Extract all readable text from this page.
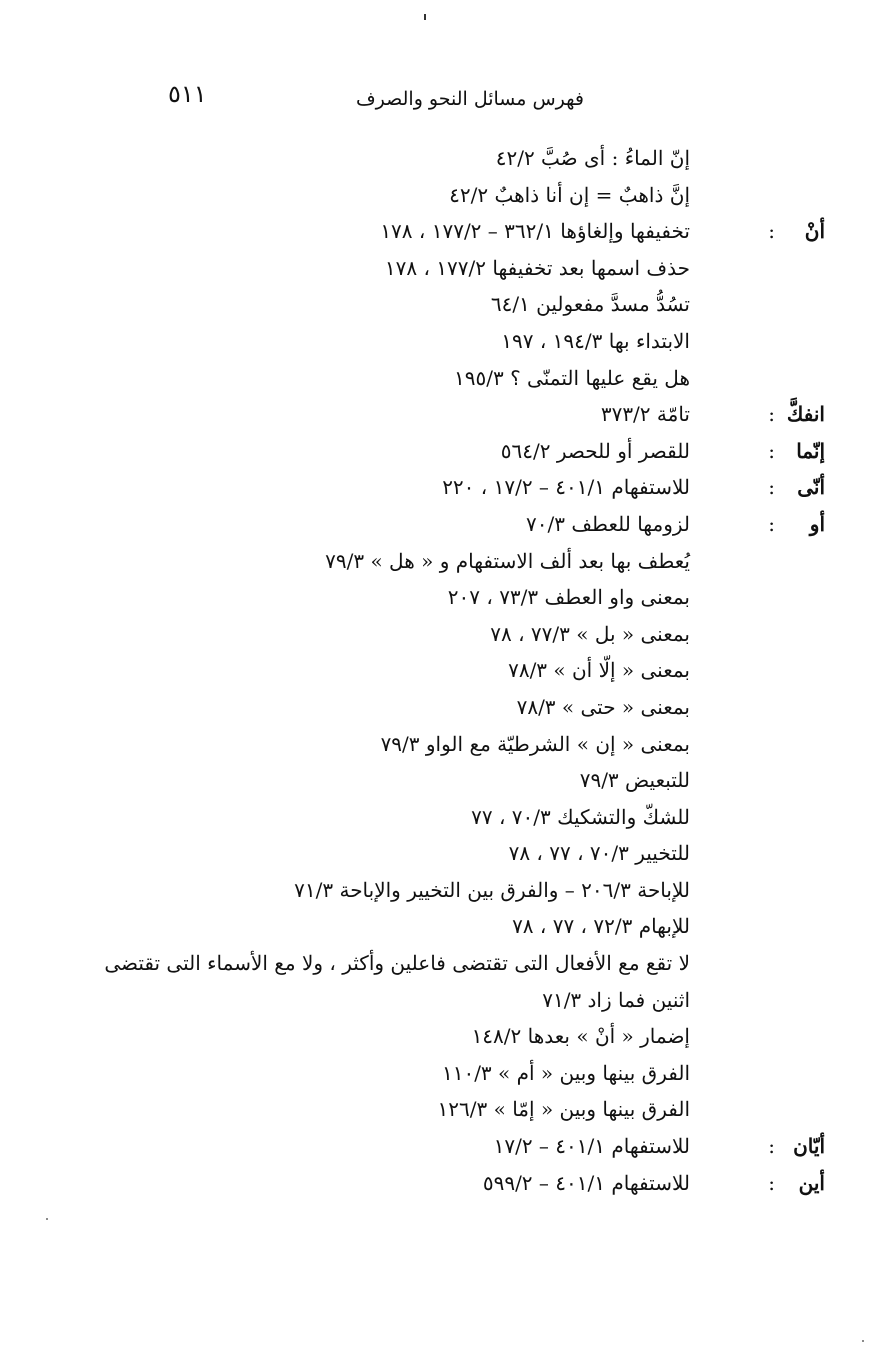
فهرس مسائل النحو والصرف
٥١١
إنّ الماءُ : أى صُبَّ ٤٢/٢
إنَّ ذاهبٌ = إن أنا ذاهبٌ ٤٢/٢
أنْ
:
تخفيفها وإلغاؤها ٣٦٢/١ – ١٧٧/٢ ، ١٧٨
حذف اسمها بعد تخفيفها ١٧٧/٢ ، ١٧٨
تسُدُّ مسدَّ مفعولين ٦٤/١
الابتداء بها ١٩٤/٣ ، ١٩٧
هل يقع عليها التمنّى ؟ ١٩٥/٣
انفكَّ
:
تامّة ٣٧٣/٢
إنّما
:
للقصر أو للحصر ٥٦٤/٢
أنّى
:
للاستفهام ٤٠١/١ – ١٧/٢ ، ٢٢٠
أو
:
لزومها للعطف ٧٠/٣
يُعطف بها بعد ألف الاستفهام و « هل » ٧٩/٣
بمعنى واو العطف ٧٣/٣ ، ٢٠٧
بمعنى « بل » ٧٧/٣ ، ٧٨
بمعنى « إلّا أن » ٧٨/٣
بمعنى « حتى » ٧٨/٣
بمعنى « إن » الشرطيّة مع الواو ٧٩/٣
للتبعيض ٧٩/٣
للشكّ والتشكيك ٧٠/٣ ، ٧٧
للتخيير ٧٠/٣ ، ٧٧ ، ٧٨
للإباحة ٢٠٦/٣ – والفرق بين التخيير والإباحة ٧١/٣
للإبهام ٧٢/٣ ، ٧٧ ، ٧٨
لا تقع مع الأفعال التى تقتضى فاعلين وأكثر ، ولا مع الأسماء التى تقتضى
اثنين فما زاد ٧١/٣
إضمار « أنْ » بعدها ١٤٨/٢
الفرق بينها وبين « أم » ١١٠/٣
الفرق بينها وبين « إمّا » ١٢٦/٣
أيّان
:
للاستفهام ٤٠١/١ – ١٧/٢
أين
:
للاستفهام ٤٠١/١ – ٥٩٩/٢
